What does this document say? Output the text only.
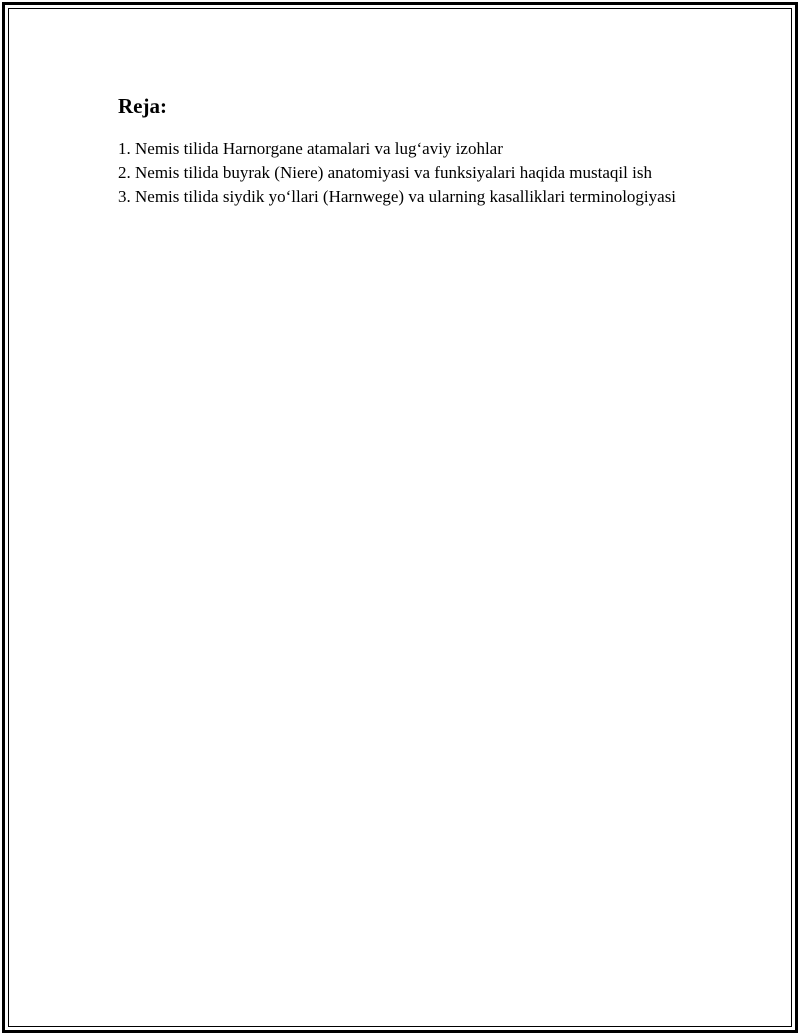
Reja:
1. Nemis tilida Harnorgane atamalari va lug‘aviy izohlar
2. Nemis tilida buyrak (Niere) anatomiyasi va funksiyalari haqida mustaqil ish
3. Nemis tilida siydik yo‘llari (Harnwege) va ularning kasalliklari terminologiyasi
